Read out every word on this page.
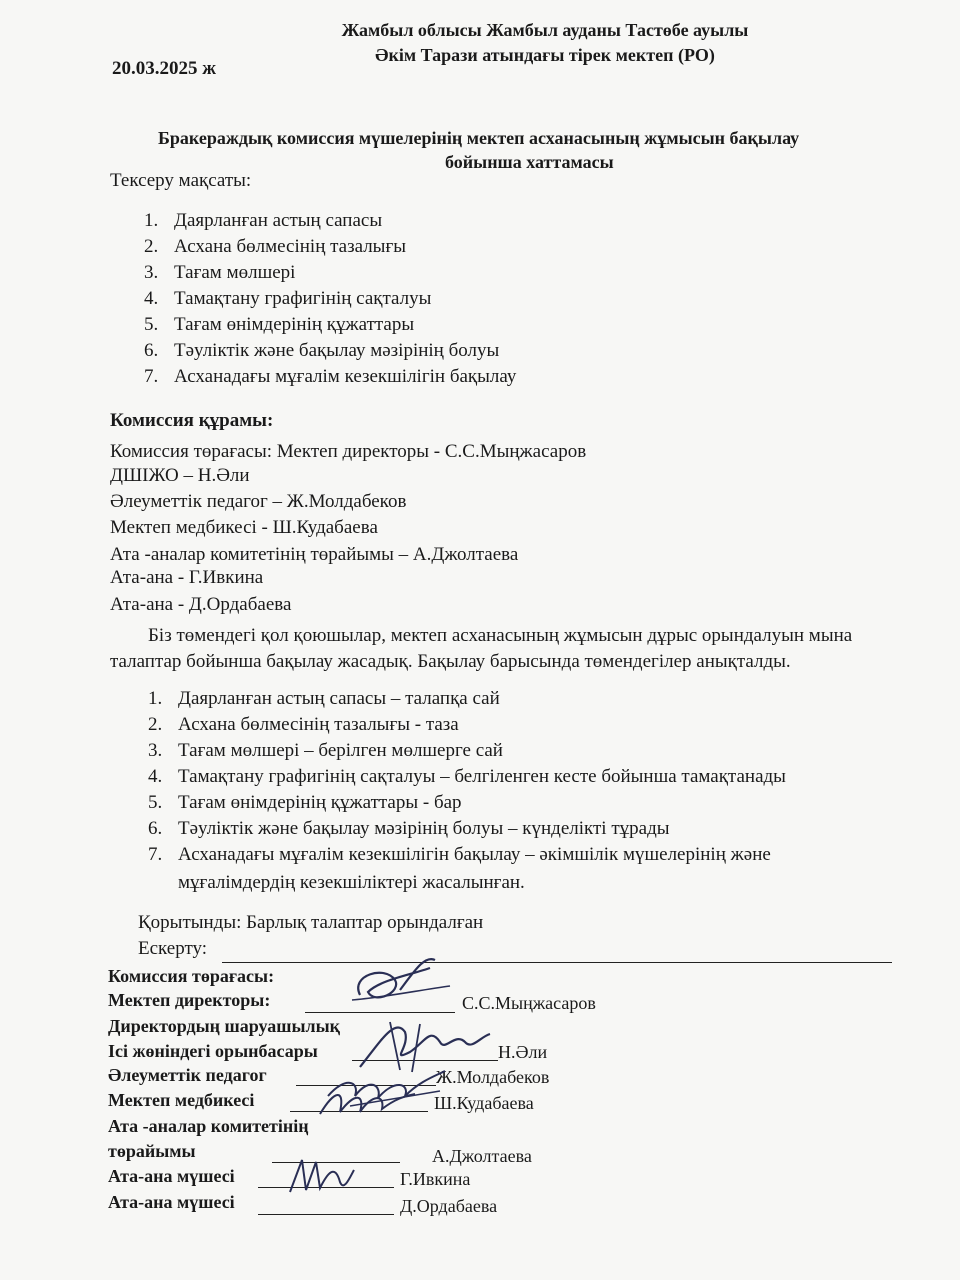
Жамбыл облысы Жамбыл ауданы Тастөбе ауылы
Әкім Тарази атындағы тірек мектеп (РО)
20.03.2025 ж
Бракераждық комиссия мүшелерінің мектеп асханасының жұмысын бақылау
бойынша хаттамасы
Тексеру мақсаты:
1. Даярланған астың сапасы
2. Асхана бөлмесінің тазалығы
3. Тағам мөлшері
4. Тамақтану графигінің сақталуы
5. Тағам өнімдерінің құжаттары
6. Тәуліктік және бақылау мәзірінің болуы
7. Асханадағы мұғалім кезекшілігін бақылау
Комиссия құрамы:
Комиссия төрағасы: Мектеп директоры - С.С.Мыңжасаров
ДШІЖО – Н.Әли
Әлеуметтік педагог – Ж.Молдабеков
Мектеп медбикесі - Ш.Кудабаева
Ата -аналар комитетінің төрайымы – А.Джолтаева
Ата-ана - Г.Ивкина
Ата-ана - Д.Ордабаева
Біз төмендегі қол қоюшылар, мектеп асханасының жұмысын дұрыс орындалуын мына
талаптар бойынша бақылау жасадық. Бақылау барысында төмендегілер анықталды.
1. Даярланған астың сапасы – талапқа сай
2. Асхана бөлмесінің тазалығы - таза
3. Тағам мөлшері – берілген мөлшерге сай
4. Тамақтану графигінің сақталуы – белгіленген кесте бойынша тамақтанады
5. Тағам өнімдерінің құжаттары - бар
6. Тәуліктік және бақылау мәзірінің болуы – күнделікті тұрады
7. Асханадағы мұғалім кезекшілігін бақылау – әкімшілік мүшелерінің және
мұғалімдердің кезекшіліктері жасалынған.
Қорытынды: Барлық талаптар орындалған
Ескерту:
Комиссия төрағасы:
Мектеп директоры:	С.С.Мыңжасаров
Директордың шаруашылық
Ісі жөніндегі орынбасары	Н.Әли
Әлеуметтік педагог	Ж.Молдабеков
Мектеп медбикесі	Ш.Кудабаева
Ата -аналар комитетінің
төрайымы	А.Джолтаева
Ата-ана мүшесі	Г.Ивкина
Ата-ана мүшесі	Д.Ордабаева
